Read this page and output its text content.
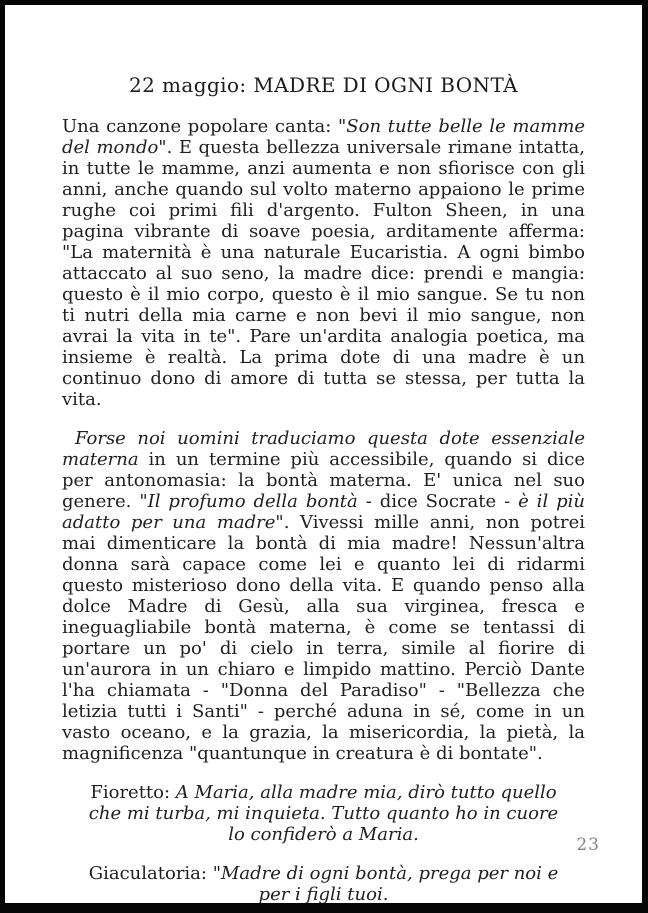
22 maggio: MADRE DI OGNI BONTÀ

Una canzone popolare canta: "Son tutte belle le mamme del mondo". E questa bellezza universale rimane intatta, in tutte le mamme, anzi aumenta e non sfiorisce con gli anni, anche quando sul volto materno appaiono le prime rughe coi primi fili d'argento. Fulton Sheen, in una pagina vibrante di soave poesia, arditamente afferma: "La maternità è una naturale Eucaristia. A ogni bimbo attaccato al suo seno, la madre dice: prendi e mangia: questo è il mio corpo, questo è il mio sangue. Se tu non ti nutri della mia carne e non bevi il mio sangue, non avrai la vita in te". Pare un'ardita analogia poetica, ma insieme è realtà. La prima dote di una madre è un continuo dono di amore di tutta se stessa, per tutta la vita.

Forse noi uomini traduciamo questa dote essenziale materna in un termine più accessibile, quando si dice per antonomasia: la bontà materna. E' unica nel suo genere. "Il profumo della bontà - dice Socrate - è il più adatto per una madre". Vivessi mille anni, non potrei mai dimenticare la bontà di mia madre! Nessun'altra donna sarà capace come lei e quanto lei di ridarmi questo misterioso dono della vita. E quando penso alla dolce Madre di Gesù, alla sua virginea, fresca e ineguagliabile bontà materna, è come se tentassi di portare un po' di cielo in terra, simile al fiorire di un'aurora in un chiaro e limpido mattino. Perciò Dante l'ha chiamata - "Donna del Paradiso" - "Bellezza che letizia tutti i Santi" - perché aduna in sé, come in un vasto oceano, e la grazia, la misericordia, la pietà, la magnificenza "quantunque in creatura è di bontate".

Fioretto: A Maria, alla madre mia, dirò tutto quello che mi turba, mi inquieta. Tutto quanto ho in cuore lo confiderò a Maria.

Giaculatoria: "Madre di ogni bontà, prega per noi e per i figli tuoi.

23
